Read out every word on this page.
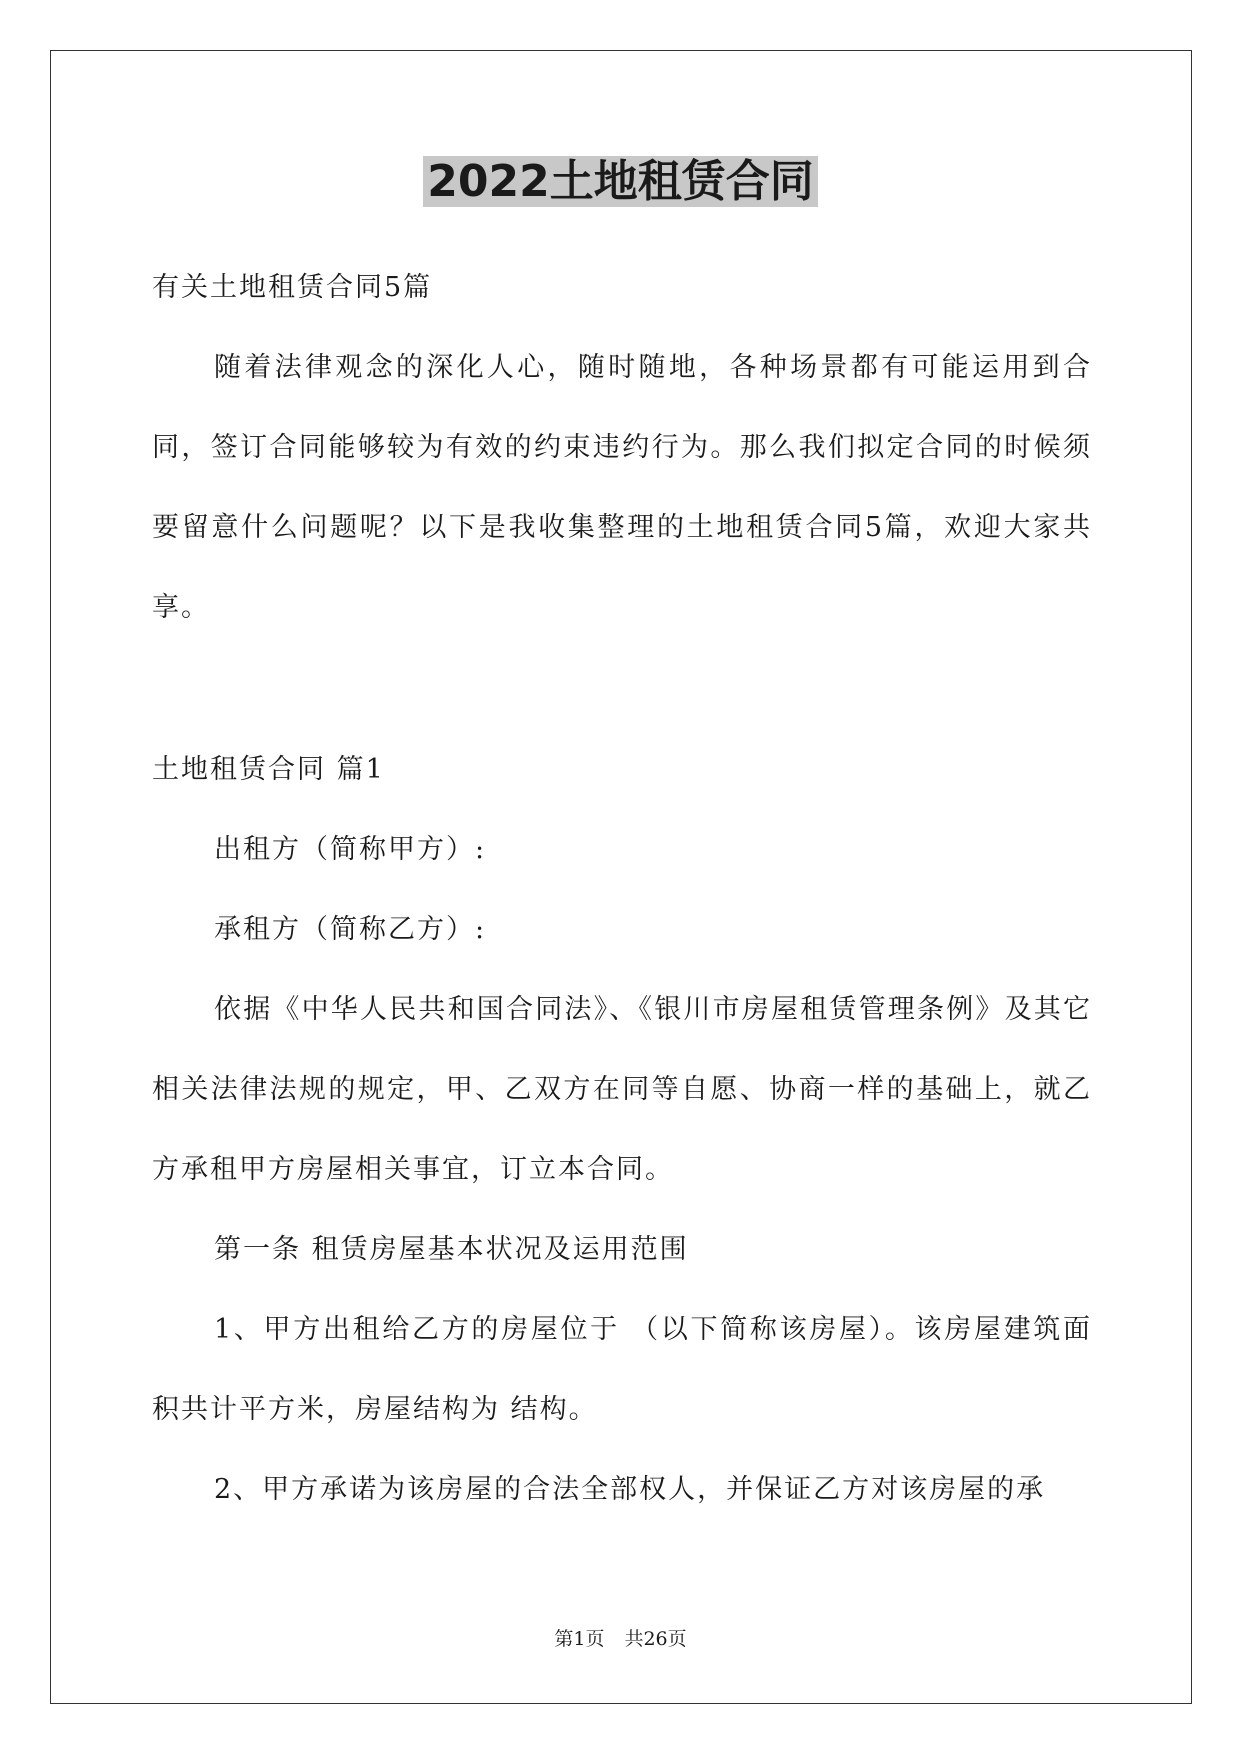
2022土地租赁合同

有关土地租赁合同5篇

随着法律观念的深化人心，随时随地，各种场景都有可能运用到合同，签订合同能够较为有效的约束违约行为。那么我们拟定合同的时候须要留意什么问题呢？以下是我收集整理的土地租赁合同5篇，欢迎大家共享。

土地租赁合同 篇1

出租方（简称甲方）:

承租方（简称乙方）:

依据《中华人民共和国合同法》、《银川市房屋租赁管理条例》及其它相关法律法规的规定，甲、乙双方在同等自愿、协商一样的基础上，就乙方承租甲方房屋相关事宜，订立本合同。

第一条 租赁房屋基本状况及运用范围

1、甲方出租给乙方的房屋位于 （以下简称该房屋）。该房屋建筑面积共计平方米，房屋结构为 结构。

2、甲方承诺为该房屋的合法全部权人，并保证乙方对该房屋的承

第1页 共26页
